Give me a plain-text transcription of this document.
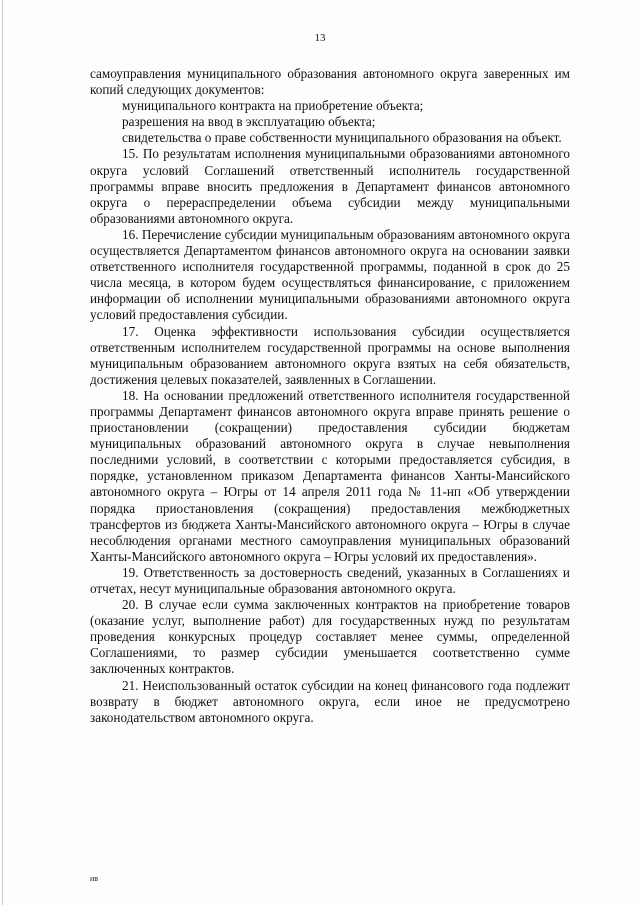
13

самоуправления муниципального образования автономного округа заверенных им копий следующих документов:

муниципального контракта на приобретение объекта;

разрешения на ввод в эксплуатацию объекта;

свидетельства о праве собственности муниципального образования на объект.

15. По результатам исполнения муниципальными образованиями автономного округа условий Соглашений ответственный исполнитель государственной программы вправе вносить предложения в Департамент финансов автономного округа о перераспределении объема субсидии между муниципальными образованиями автономного округа.

16. Перечисление субсидии муниципальным образованиям автономного округа осуществляется Департаментом финансов автономного округа на основании заявки ответственного исполнителя государственной программы, поданной в срок до 25 числа месяца, в котором будем осуществляться финансирование, с приложением информации об исполнении муниципальными образованиями автономного округа условий предоставления субсидии.

17. Оценка эффективности использования субсидии осуществляется ответственным исполнителем государственной программы на основе выполнения муниципальным образованием автономного округа взятых на себя обязательств, достижения целевых показателей, заявленных в Соглашении.

18. На основании предложений ответственного исполнителя государственной программы Департамент финансов автономного округа вправе принять решение о приостановлении (сокращении) предоставления субсидии бюджетам муниципальных образований автономного округа в случае невыполнения последними условий, в соответствии с которыми предоставляется субсидия, в порядке, установленном приказом Департамента финансов Ханты-Мансийского автономного округа – Югры от 14 апреля 2011 года № 11-нп «Об утверждении порядка приостановления (сокращения) предоставления межбюджетных трансфертов из бюджета Ханты-Мансийского автономного округа – Югры в случае несоблюдения органами местного самоуправления муниципальных образований Ханты-Мансийского автономного округа – Югры условий их предоставления».

19. Ответственность за достоверность сведений, указанных в Соглашениях и отчетах, несут муниципальные образования автономного округа.

20. В случае если сумма заключенных контрактов на приобретение товаров (оказание услуг, выполнение работ) для государственных нужд по результатам проведения конкурсных процедур составляет менее суммы, определенной Соглашениями, то размер субсидии уменьшается соответственно сумме заключенных контрактов.

21. Неиспользованный остаток субсидии на конец финансового года подлежит возврату в бюджет автономного округа, если иное не предусмотрено законодательством автономного округа.

ив
